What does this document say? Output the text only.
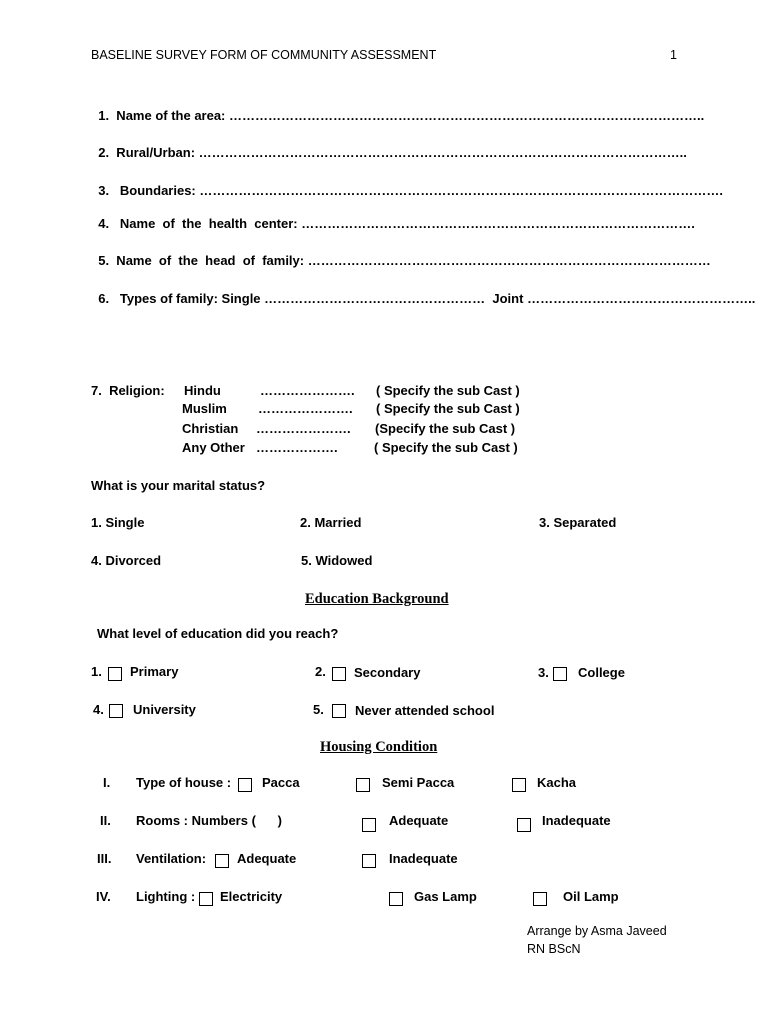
BASELINE SURVEY FORM OF COMMUNITY ASSESSMENT	1

1.  Name of the area: ………………………………………………………………………………………………..

2.  Rural/Urban: …………………………………………………………………………………………………..

3.   Boundaries: ………………………………………………………………………………………………………….

4.   Name  of  the  health  center: ……………………………………………………………………………….

5.  Name  of  the  head  of  family: …………………………………………………………………………………

6.   Types of family: Single …………………………………………… Joint ……………………………………………..

7.  Religion: Hindu	…………………. ( Specify the sub Cast )
Muslim …………………. ( Specify the sub Cast )
Christian …………………. (Specify the sub Cast )
Any Other ……………….	( Specify the sub Cast )
What is your marital status?
1. Single	2. Married	3. Separated
4. Divorced	5. Widowed
Education Background
What level of education did you reach?
1. Primary	2. Secondary	3. College
4. University	5. Never attended school
Housing Condition
I. Type of house : Pacca	Semi Pacca	Kacha
II. Rooms : Numbers (      )	Adequate	Inadequate
III. Ventilation: Adequate	Inadequate
IV. Lighting : Electricity	Gas Lamp	Oil Lamp
Arrange by Asma Javeed
RN BScN
